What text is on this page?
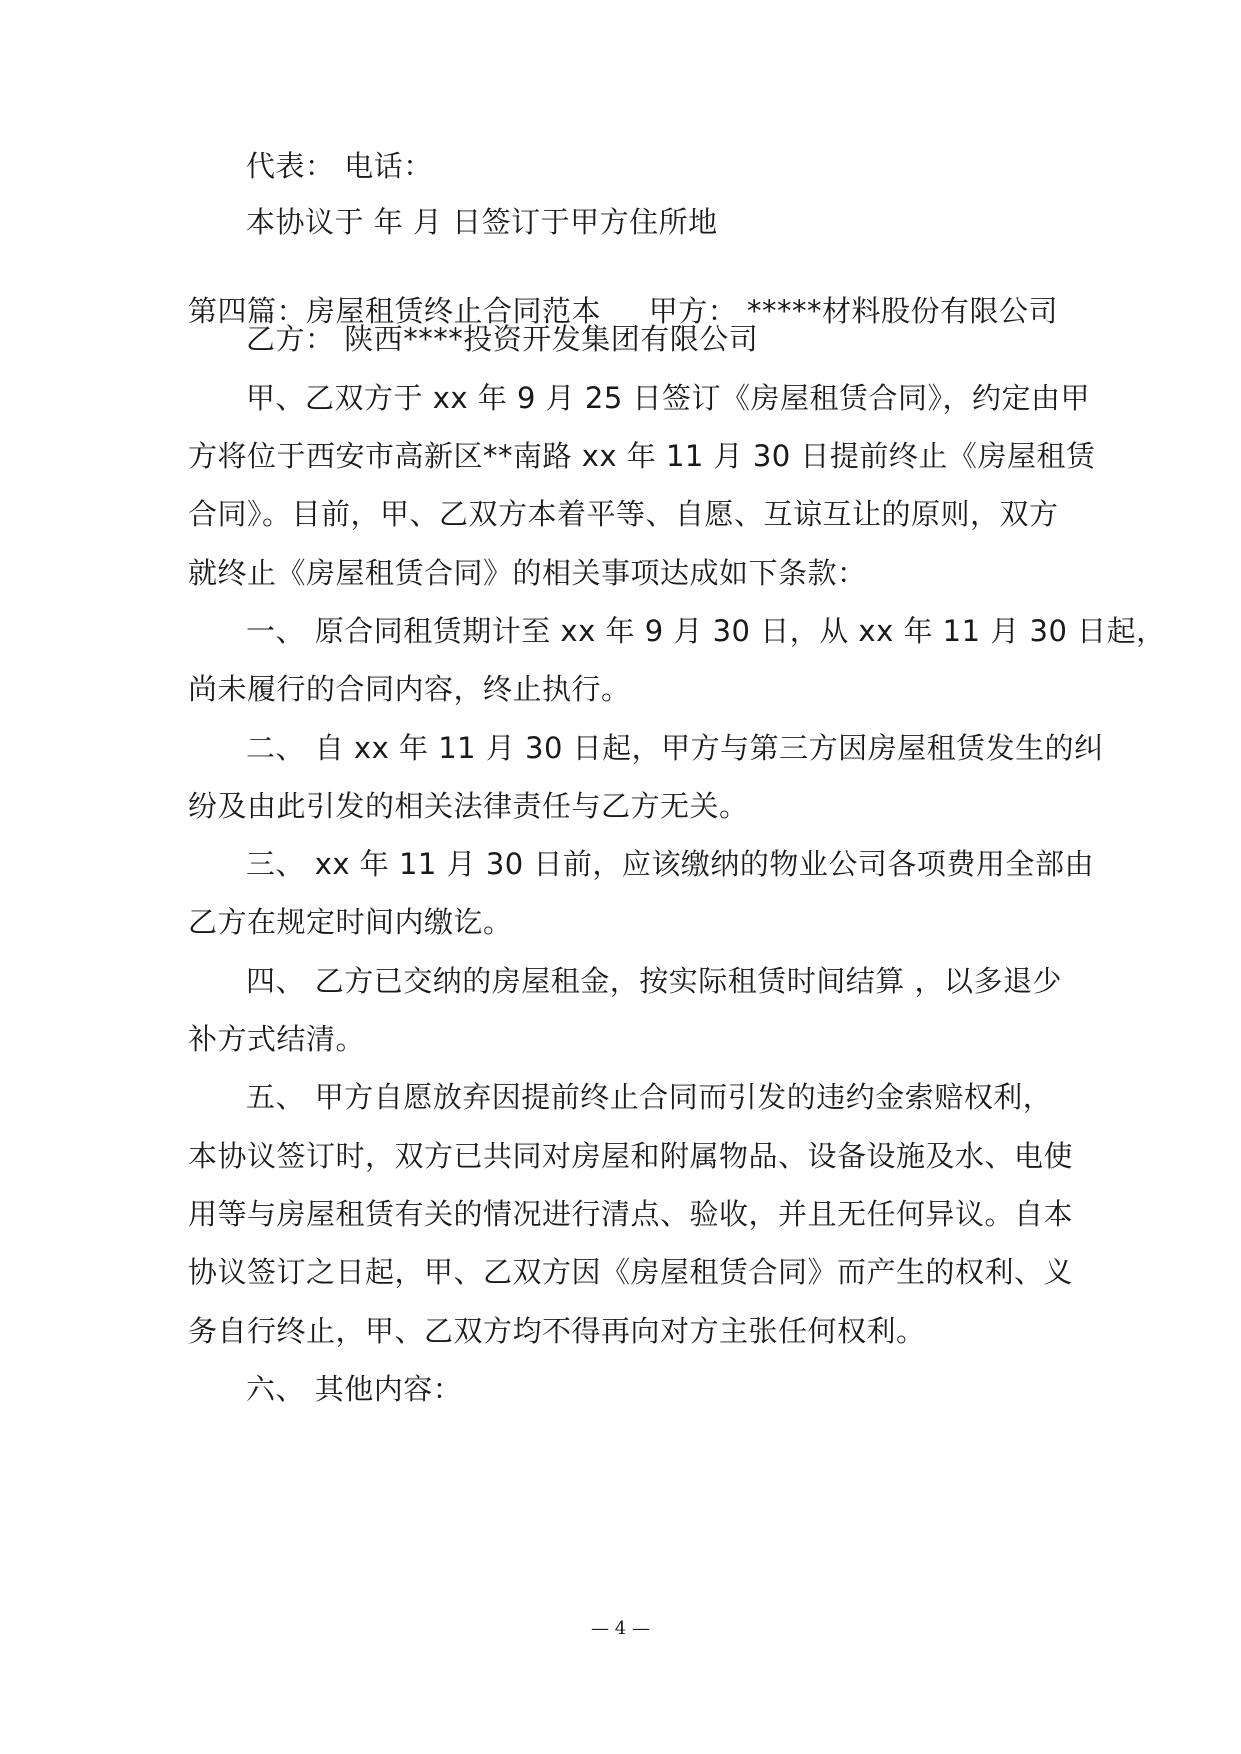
代表： 电话：
本协议于 年 月 日签订于甲方住所地
第四篇：房屋租赁终止合同范本 甲方： *****材料股份有限公司
乙方： 陕西****投资开发集团有限公司
甲、乙双方于 xx 年 9 月 25 日签订《房屋租赁合同》，约定由甲
方将位于西安市高新区**南路 xx 年 11 月 30 日提前终止《房屋租赁
合同》。目前，甲、乙双方本着平等、自愿、互谅互让的原则，双方
就终止《房屋租赁合同》的相关事项达成如下条款：
一、 原合同租赁期计至 xx 年 9 月 30 日，从 xx 年 11 月 30 日起，
尚未履行的合同内容，终止执行。
二、 自 xx 年 11 月 30 日起，甲方与第三方因房屋租赁发生的纠
纷及由此引发的相关法律责任与乙方无关。
三、 xx 年 11 月 30 日前，应该缴纳的物业公司各项费用全部由
乙方在规定时间内缴讫。
四、 乙方已交纳的房屋租金，按实际租赁时间结算 ，以多退少
补方式结清。
五、 甲方自愿放弃因提前终止合同而引发的违约金索赔权利，
本协议签订时，双方已共同对房屋和附属物品、设备设施及水、电使
用等与房屋租赁有关的情况进行清点、验收，并且无任何异议。自本
协议签订之日起，甲、乙双方因《房屋租赁合同》而产生的权利、义
务自行终止，甲、乙双方均不得再向对方主张任何权利。
六、 其他内容：
— 4 —
